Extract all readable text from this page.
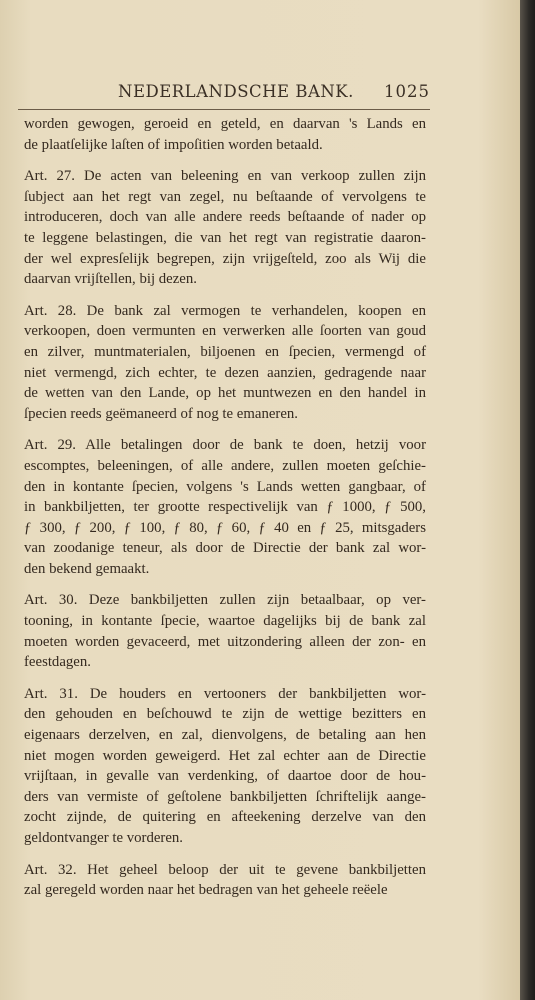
NEDERLANDSCHE BANK. 1025

worden gewogen, geroeid en geteld, en daarvan 's Lands en
de plaatſelijke laſten of impoſitien worden betaald.

Art. 27. De acten van beleening en van verkoop zullen zijn
ſubject aan het regt van zegel, nu beſtaande of vervolgens te
introduceren, doch van alle andere reeds beſtaande of nader op
te leggene belastingen, die van het regt van registratie daaron-
der wel expresſelijk begrepen, zijn vrijgeſteld, zoo als Wij die
daarvan vrijſtellen, bij dezen.

Art. 28. De bank zal vermogen te verhandelen, koopen en
verkoopen, doen vermunten en verwerken alle ſoorten van goud
en zilver, muntmaterialen, biljoenen en ſpecien, vermengd of
niet vermengd, zich echter, te dezen aanzien, gedragende naar
de wetten van den Lande, op het muntwezen en den handel in
ſpecien reeds geëmaneerd of nog te emaneren.

Art. 29. Alle betalingen door de bank te doen, hetzij voor
escomptes, beleeningen, of alle andere, zullen moeten geſchie-
den in kontante ſpecien, volgens 's Lands wetten gangbaar, of
in bankbiljetten, ter grootte respectivelijk van ƒ 1000, ƒ 500,
ƒ 300, ƒ 200, ƒ 100, ƒ 80, ƒ 60, ƒ 40 en ƒ 25, mitsgaders
van zoodanige teneur, als door de Directie der bank zal wor-
den bekend gemaakt.

Art. 30. Deze bankbiljetten zullen zijn betaalbaar, op ver-
tooning, in kontante ſpecie, waartoe dagelijks bij de bank zal
moeten worden gevaceerd, met uitzondering alleen der zon- en
feestdagen.

Art. 31. De houders en vertooners der bankbiljetten wor-
den gehouden en beſchouwd te zijn de wettige bezitters en
eigenaars derzelven, en zal, dienvolgens, de betaling aan hen
niet mogen worden geweigerd. Het zal echter aan de Directie
vrijſtaan, in gevalle van verdenking, of daartoe door de hou-
ders van vermiste of geſtolene bankbiljetten ſchriftelijk aange-
zocht zijnde, de quitering en afteekening derzelve van den
geldontvanger te vorderen.

Art. 32. Het geheel beloop der uit te gevene bankbiljetten
zal geregeld worden naar het bedragen van het geheele reëele
